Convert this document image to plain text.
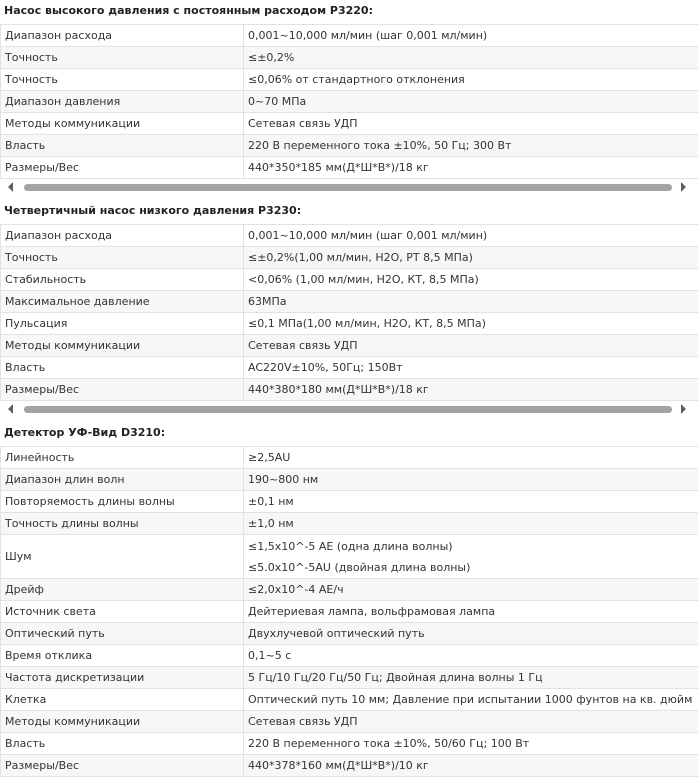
Насос высокого давления с постоянным расходом P3220:
Диапазон расхода	0,001~10,000 мл/мин (шаг 0,001 мл/мин)

Точность	≤±0,2%

Точность	≤0,06% от стандартного отклонения

Диапазон давления	0~70 МПа

Методы коммуникации	Сетевая связь УДП

Власть	220 В переменного тока ±10%, 50 Гц; 300 Вт

Размеры/Вес	440*350*185 мм(Д*Ш*В*)/18 кг
Четвертичный насос низкого давления P3230:
Диапазон расхода	0,001~10,000 мл/мин (шаг 0,001 мл/мин)

Точность	≤±0,2%(1,00 мл/мин, H2O, PT 8,5 МПа)

Стабильность	<0,06% (1,00 мл/мин, H2O, КТ, 8,5 МПа)

Максимальное давление	63МПа

Пульсация	≤0,1 МПа(1,00 мл/мин, H2O, КТ, 8,5 МПа)

Методы коммуникации	Сетевая связь УДП

Власть	AC220V±10%, 50Гц; 150Вт

Размеры/Вес	440*380*180 мм(Д*Ш*В*)/18 кг
Детектор УФ-Вид D3210:
Линейность	≥2,5AU

Диапазон длин волн	190~800 нм

Повторяемость длины волны	±0,1 нм

Точность длины волны	±1,0 нм

Шум	≤1,5x10^-5 AE (одна длина волны)
≤5.0x10^-5AU (двойная длина волны)

Дрейф	≤2,0x10^-4 АЕ/ч

Источник света	Дейтериевая лампа, вольфрамовая лампа

Оптический путь	Двухлучевой оптический путь

Время отклика	0,1~5 с

Частота дискретизации	5 Гц/10 Гц/20 Гц/50 Гц; Двойная длина волны 1 Гц

Клетка	Оптический путь 10 мм; Давление при испытании 1000 фунтов на кв. дюйм

Методы коммуникации	Сетевая связь УДП

Власть	220 В переменного тока ±10%, 50/60 Гц; 100 Вт

Размеры/Вес	440*378*160 мм(Д*Ш*В*)/10 кг
